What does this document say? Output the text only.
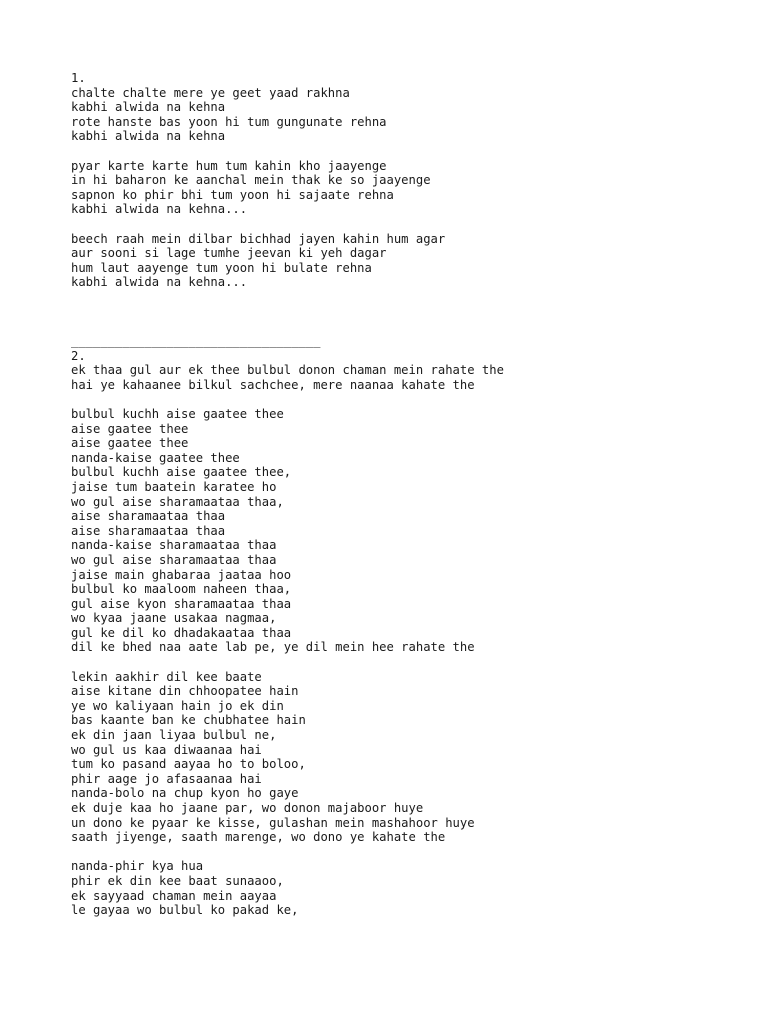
1.
chalte chalte mere ye geet yaad rakhna
kabhi alwida na kehna
rote hanste bas yoon hi tum gungunate rehna
kabhi alwida na kehna

pyar karte karte hum tum kahin kho jaayenge
in hi baharon ke aanchal mein thak ke so jaayenge
sapnon ko phir bhi tum yoon hi sajaate rehna
kabhi alwida na kehna...

beech raah mein dilbar bichhad jayen kahin hum agar
aur sooni si lage tumhe jeevan ki yeh dagar
hum laut aayenge tum yoon hi bulate rehna
kabhi alwida na kehna...
__________________________________
2.
ek thaa gul aur ek thee bulbul donon chaman mein rahate the
hai ye kahaanee bilkul sachchee, mere naanaa kahate the

bulbul kuchh aise gaatee thee
aise gaatee thee
aise gaatee thee
nanda-kaise gaatee thee
bulbul kuchh aise gaatee thee,
jaise tum baatein karatee ho
wo gul aise sharamaataa thaa,
aise sharamaataa thaa
aise sharamaataa thaa
nanda-kaise sharamaataa thaa
wo gul aise sharamaataa thaa
jaise main ghabaraa jaataa hoo
bulbul ko maaloom naheen thaa,
gul aise kyon sharamaataa thaa
wo kyaa jaane usakaa nagmaa,
gul ke dil ko dhadakaataa thaa
dil ke bhed naa aate lab pe, ye dil mein hee rahate the

lekin aakhir dil kee baate
aise kitane din chhoopatee hain
ye wo kaliyaan hain jo ek din
bas kaante ban ke chubhatee hain
ek din jaan liyaa bulbul ne,
wo gul us kaa diwaanaa hai
tum ko pasand aayaa ho to boloo,
phir aage jo afasaanaa hai
nanda-bolo na chup kyon ho gaye
ek duje kaa ho jaane par, wo donon majaboor huye
un dono ke pyaar ke kisse, gulashan mein mashahoor huye
saath jiyenge, saath marenge, wo dono ye kahate the

nanda-phir kya hua
phir ek din kee baat sunaaoo,
ek sayyaad chaman mein aayaa
le gayaa wo bulbul ko pakad ke,
